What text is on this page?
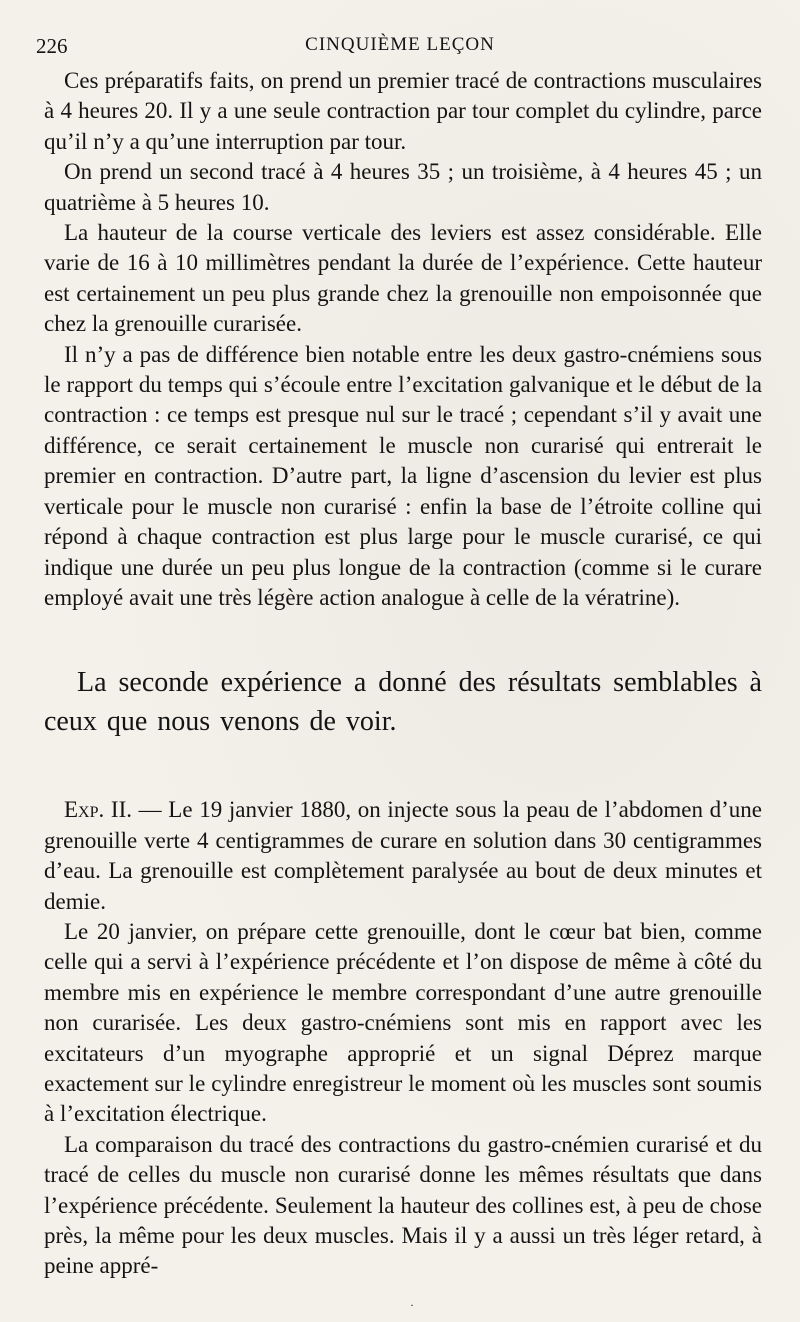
226	CINQUIÈME LEÇON

Ces préparatifs faits, on prend un premier tracé de contractions musculaires à 4 heures 20. Il y a une seule contraction par tour complet du cylindre, parce qu’il n’y a qu’une interruption par tour.

On prend un second tracé à 4 heures 35 ; un troisième, à 4 heures 45 ; un quatrième à 5 heures 10.

La hauteur de la course verticale des leviers est assez considérable. Elle varie de 16 à 10 millimètres pendant la durée de l’expérience. Cette hauteur est certainement un peu plus grande chez la grenouille non empoisonnée que chez la grenouille curarisée.

Il n’y a pas de différence bien notable entre les deux gastro-cnémiens sous le rapport du temps qui s’écoule entre l’excitation galvanique et le début de la contraction : ce temps est presque nul sur le tracé ; cependant s’il y avait une différence, ce serait certainement le muscle non curarisé qui entrerait le premier en contraction. D’autre part, la ligne d’ascension du levier est plus verticale pour le muscle non curarisé : enfin la base de l’étroite colline qui répond à chaque contraction est plus large pour le muscle curarisé, ce qui indique une durée un peu plus longue de la contraction (comme si le curare employé avait une très légère action analogue à celle de la vératrine).

La seconde expérience a donné des résultats semblables à ceux que nous venons de voir.

Exp. II. — Le 19 janvier 1880, on injecte sous la peau de l’abdomen d’une grenouille verte 4 centigrammes de curare en solution dans 30 centigrammes d’eau. La grenouille est complètement paralysée au bout de deux minutes et demie.

Le 20 janvier, on prépare cette grenouille, dont le cœur bat bien, comme celle qui a servi à l’expérience précédente et l’on dispose de même à côté du membre mis en expérience le membre correspondant d’une autre grenouille non curarisée. Les deux gastro-cnémiens sont mis en rapport avec les excitateurs d’un myographe approprié et un signal Déprez marque exactement sur le cylindre enregistreur le moment où les muscles sont soumis à l’excitation électrique.

La comparaison du tracé des contractions du gastro-cnémien curarisé et du tracé de celles du muscle non curarisé donne les mêmes résultats que dans l’expérience précédente. Seulement la hauteur des collines est, à peu de chose près, la même pour les deux muscles. Mais il y a aussi un très léger retard, à peine appré-

·
